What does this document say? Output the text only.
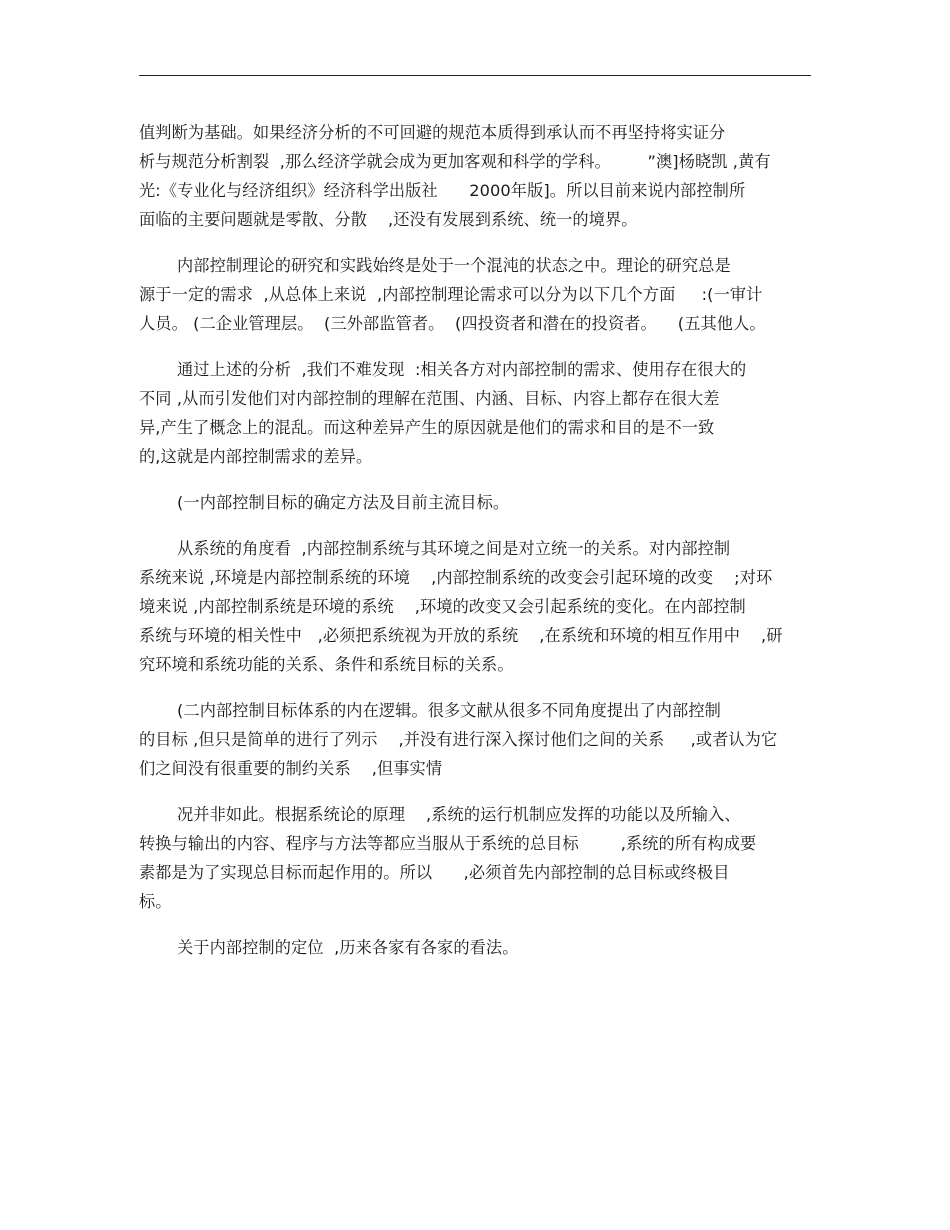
值判断为基础。如果经济分析的不可回避的规范本质得到承认而不再坚持将实证分
析与规范分析割裂  ,那么经济学就会成为更加客观和科学的学科。       ”澳]杨晓凯 ,黄有
光:《专业化与经济组织》经济科学出版社      2000年版]。所以目前来说内部控制所
面临的主要问题就是零散、分散    ,还没有发展到系统、统一的境界。
内部控制理论的研究和实践始终是处于一个混沌的状态之中。理论的研究总是
源于一定的需求  ,从总体上来说  ,内部控制理论需求可以分为以下几个方面     :(一审计
人员。 (二企业管理层。  (三外部监管者。  (四投资者和潜在的投资者。    (五其他人。
通过上述的分析  ,我们不难发现  :相关各方对内部控制的需求、使用存在很大的
不同 ,从而引发他们对内部控制的理解在范围、内涵、目标、内容上都存在很大差
异,产生了概念上的混乱。而这种差异产生的原因就是他们的需求和目的是不一致
的,这就是内部控制需求的差异。
(一内部控制目标的确定方法及目前主流目标。
从系统的角度看  ,内部控制系统与其环境之间是对立统一的关系。对内部控制
系统来说 ,环境是内部控制系统的环境    ,内部控制系统的改变会引起环境的改变    ;对环
境来说 ,内部控制系统是环境的系统    ,环境的改变又会引起系统的变化。在内部控制
系统与环境的相关性中   ,必须把系统视为开放的系统    ,在系统和环境的相互作用中    ,研
究环境和系统功能的关系、条件和系统目标的关系。
(二内部控制目标体系的内在逻辑。很多文献从很多不同角度提出了内部控制
的目标 ,但只是简单的进行了列示    ,并没有进行深入探讨他们之间的关系     ,或者认为它
们之间没有很重要的制约关系    ,但事实情
况并非如此。根据系统论的原理    ,系统的运行机制应发挥的功能以及所输入、
转换与输出的内容、程序与方法等都应当服从于系统的总目标        ,系统的所有构成要
素都是为了实现总目标而起作用的。所以      ,必须首先内部控制的总目标或终极目
标。
关于内部控制的定位  ,历来各家有各家的看法。
